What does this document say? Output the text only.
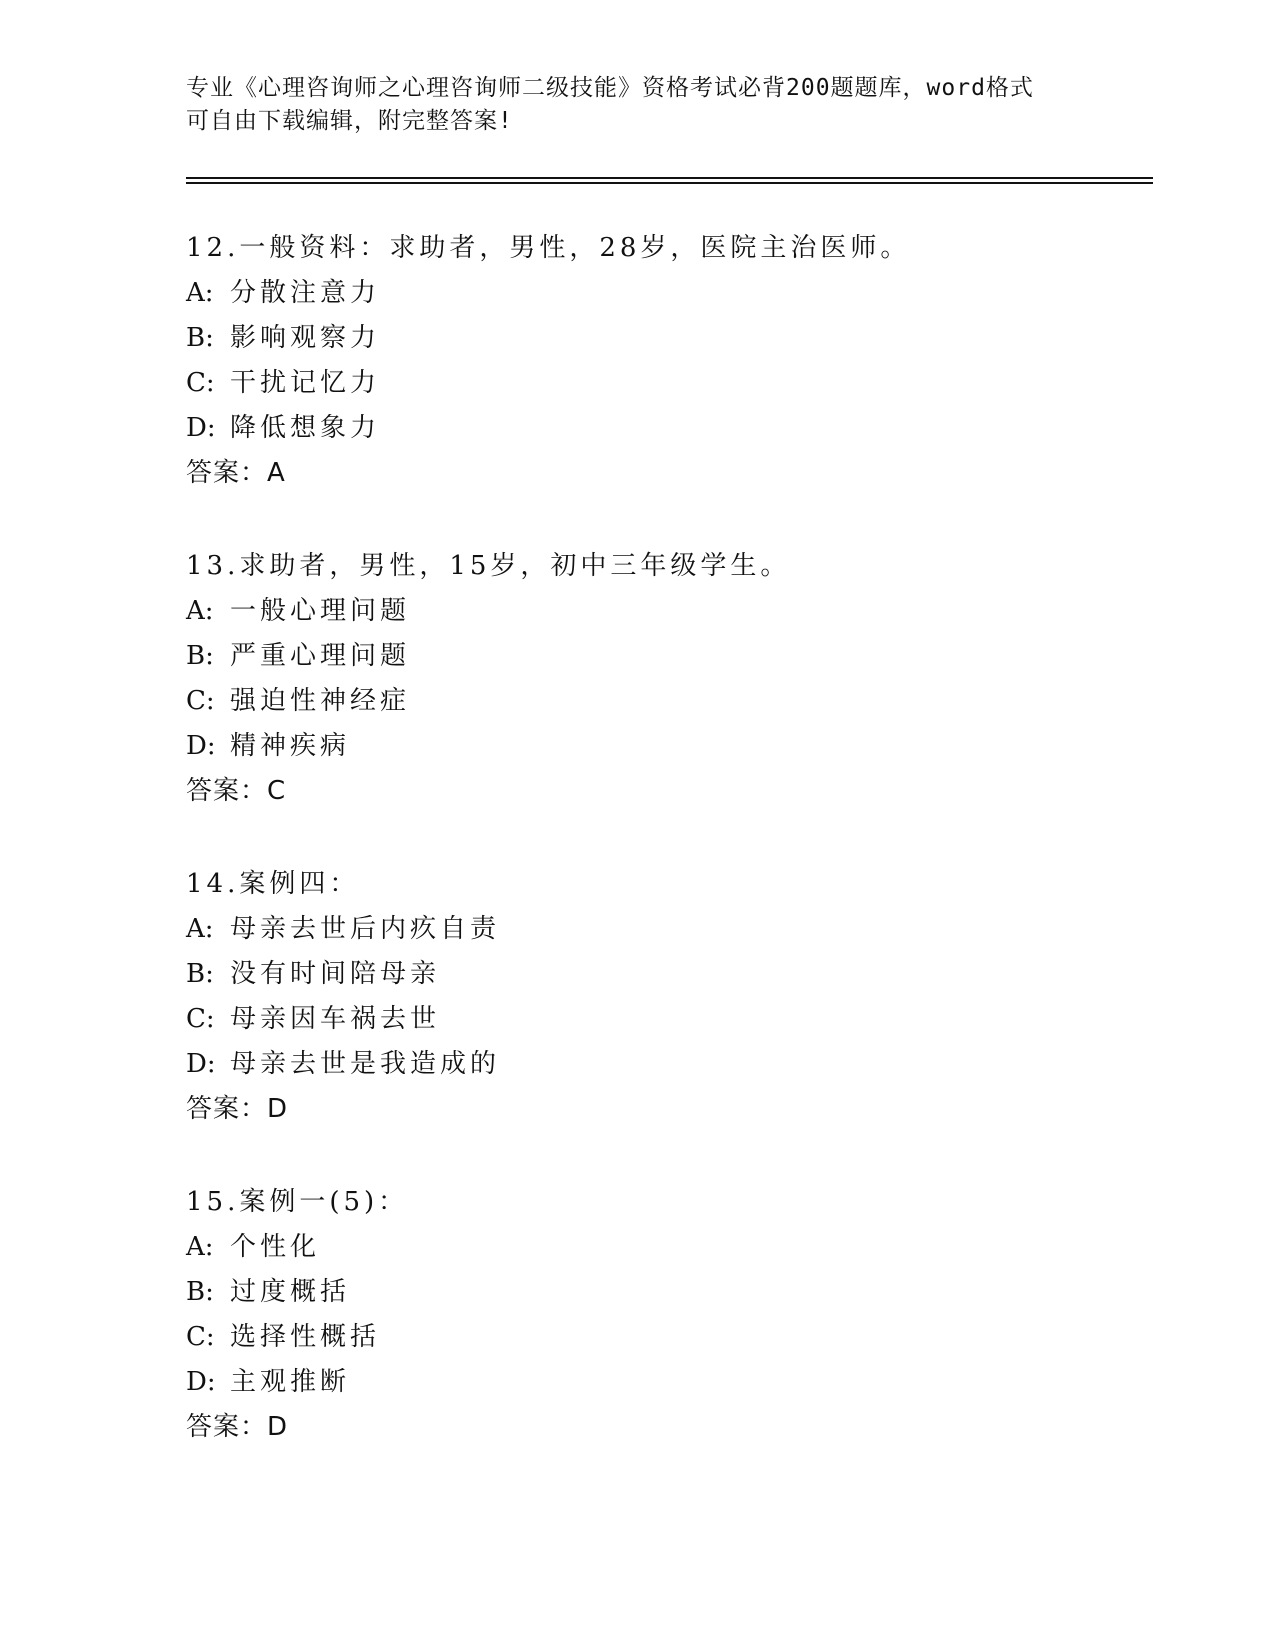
专业《心理咨询师之心理咨询师二级技能》资格考试必背200题题库，word格式
可自由下载编辑，附完整答案!
12.一般资料：求助者，男性，28岁，医院主治医师。
A: 分散注意力
B: 影响观察力
C: 干扰记忆力
D: 降低想象力
答案：A
13.求助者，男性，15岁，初中三年级学生。
A: 一般心理问题
B: 严重心理问题
C: 强迫性神经症
D: 精神疾病
答案：C
14.案例四：
A: 母亲去世后内疚自责
B: 没有时间陪母亲
C: 母亲因车祸去世
D: 母亲去世是我造成的
答案：D
15.案例一(5)：
A: 个性化
B: 过度概括
C: 选择性概括
D: 主观推断
答案：D
